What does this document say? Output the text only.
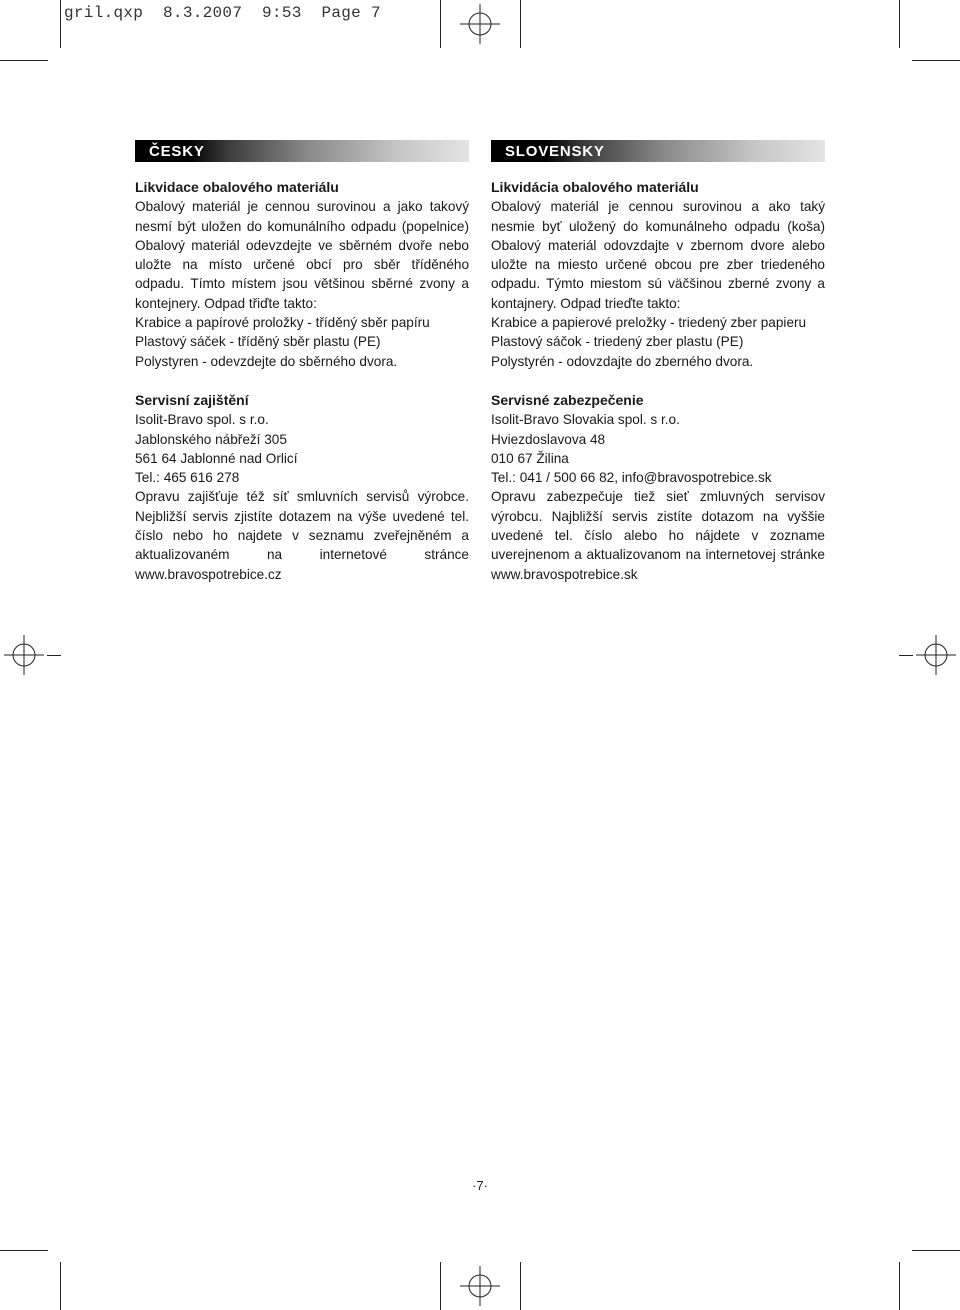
gril.qxp  8.3.2007  9:53  Page 7
ČESKY
Likvidace obalového materiálu

Obalový materiál je cennou surovinou a jako takový nesmí být uložen do komunálního odpadu (popelnice) Obalový materiál odevzdejte ve sběrném dvoře nebo uložte na místo určené obcí pro sběr tříděného odpadu. Tímto místem jsou většinou sběrné zvony a kontejnery. Odpad třiďte takto:

Krabice a papírové proložky - tříděný sběr papíru

Plastový sáček - tříděný sběr plastu (PE)

Polystyren - odevzdejte do sběrného dvora.

Servisní zajištění

Isolit-Bravo spol. s r.o.

Jablonského nábřeží 305

561 64 Jablonné nad Orlicí

Tel.: 465 616 278

Opravu zajišťuje též síť smluvních servisů výrobce. Nejbližší servis zjistíte dotazem na výše uvedené tel. číslo nebo ho najdete v seznamu zveřejněném a aktualizovaném na internetové stránce www.bravospotrebice.cz

SLOVENSKY
Likvidácia obalového materiálu

Obalový materiál je cennou surovinou a ako taký nesmie byť uložený do komunálneho odpadu (koša) Obalový materiál odovzdajte v zbernom dvore alebo uložte na miesto určené obcou pre zber triedeného odpadu. Týmto miestom sú väčšinou zberné zvony a kontajnery. Odpad trieďte takto:

Krabice a papierové preložky - triedený zber papieru

Plastový sáčok - triedený zber plastu (PE)

Polystyrén - odovzdajte do zberného dvora.

Servisné zabezpečenie

Isolit-Bravo Slovakia spol. s r.o.

Hviezdoslavova 48

010 67 Žilina

Tel.: 041 / 500 66 82, info@bravospotrebice.sk

Opravu zabezpečuje tiež sieť zmluvných servisov výrobcu. Najbližší servis zistíte dotazom na vyššie uvedené tel. číslo alebo ho nájdete v zozname uverejnenom a aktualizovanom na internetovej stránke www.bravospotrebice.sk

·7·
